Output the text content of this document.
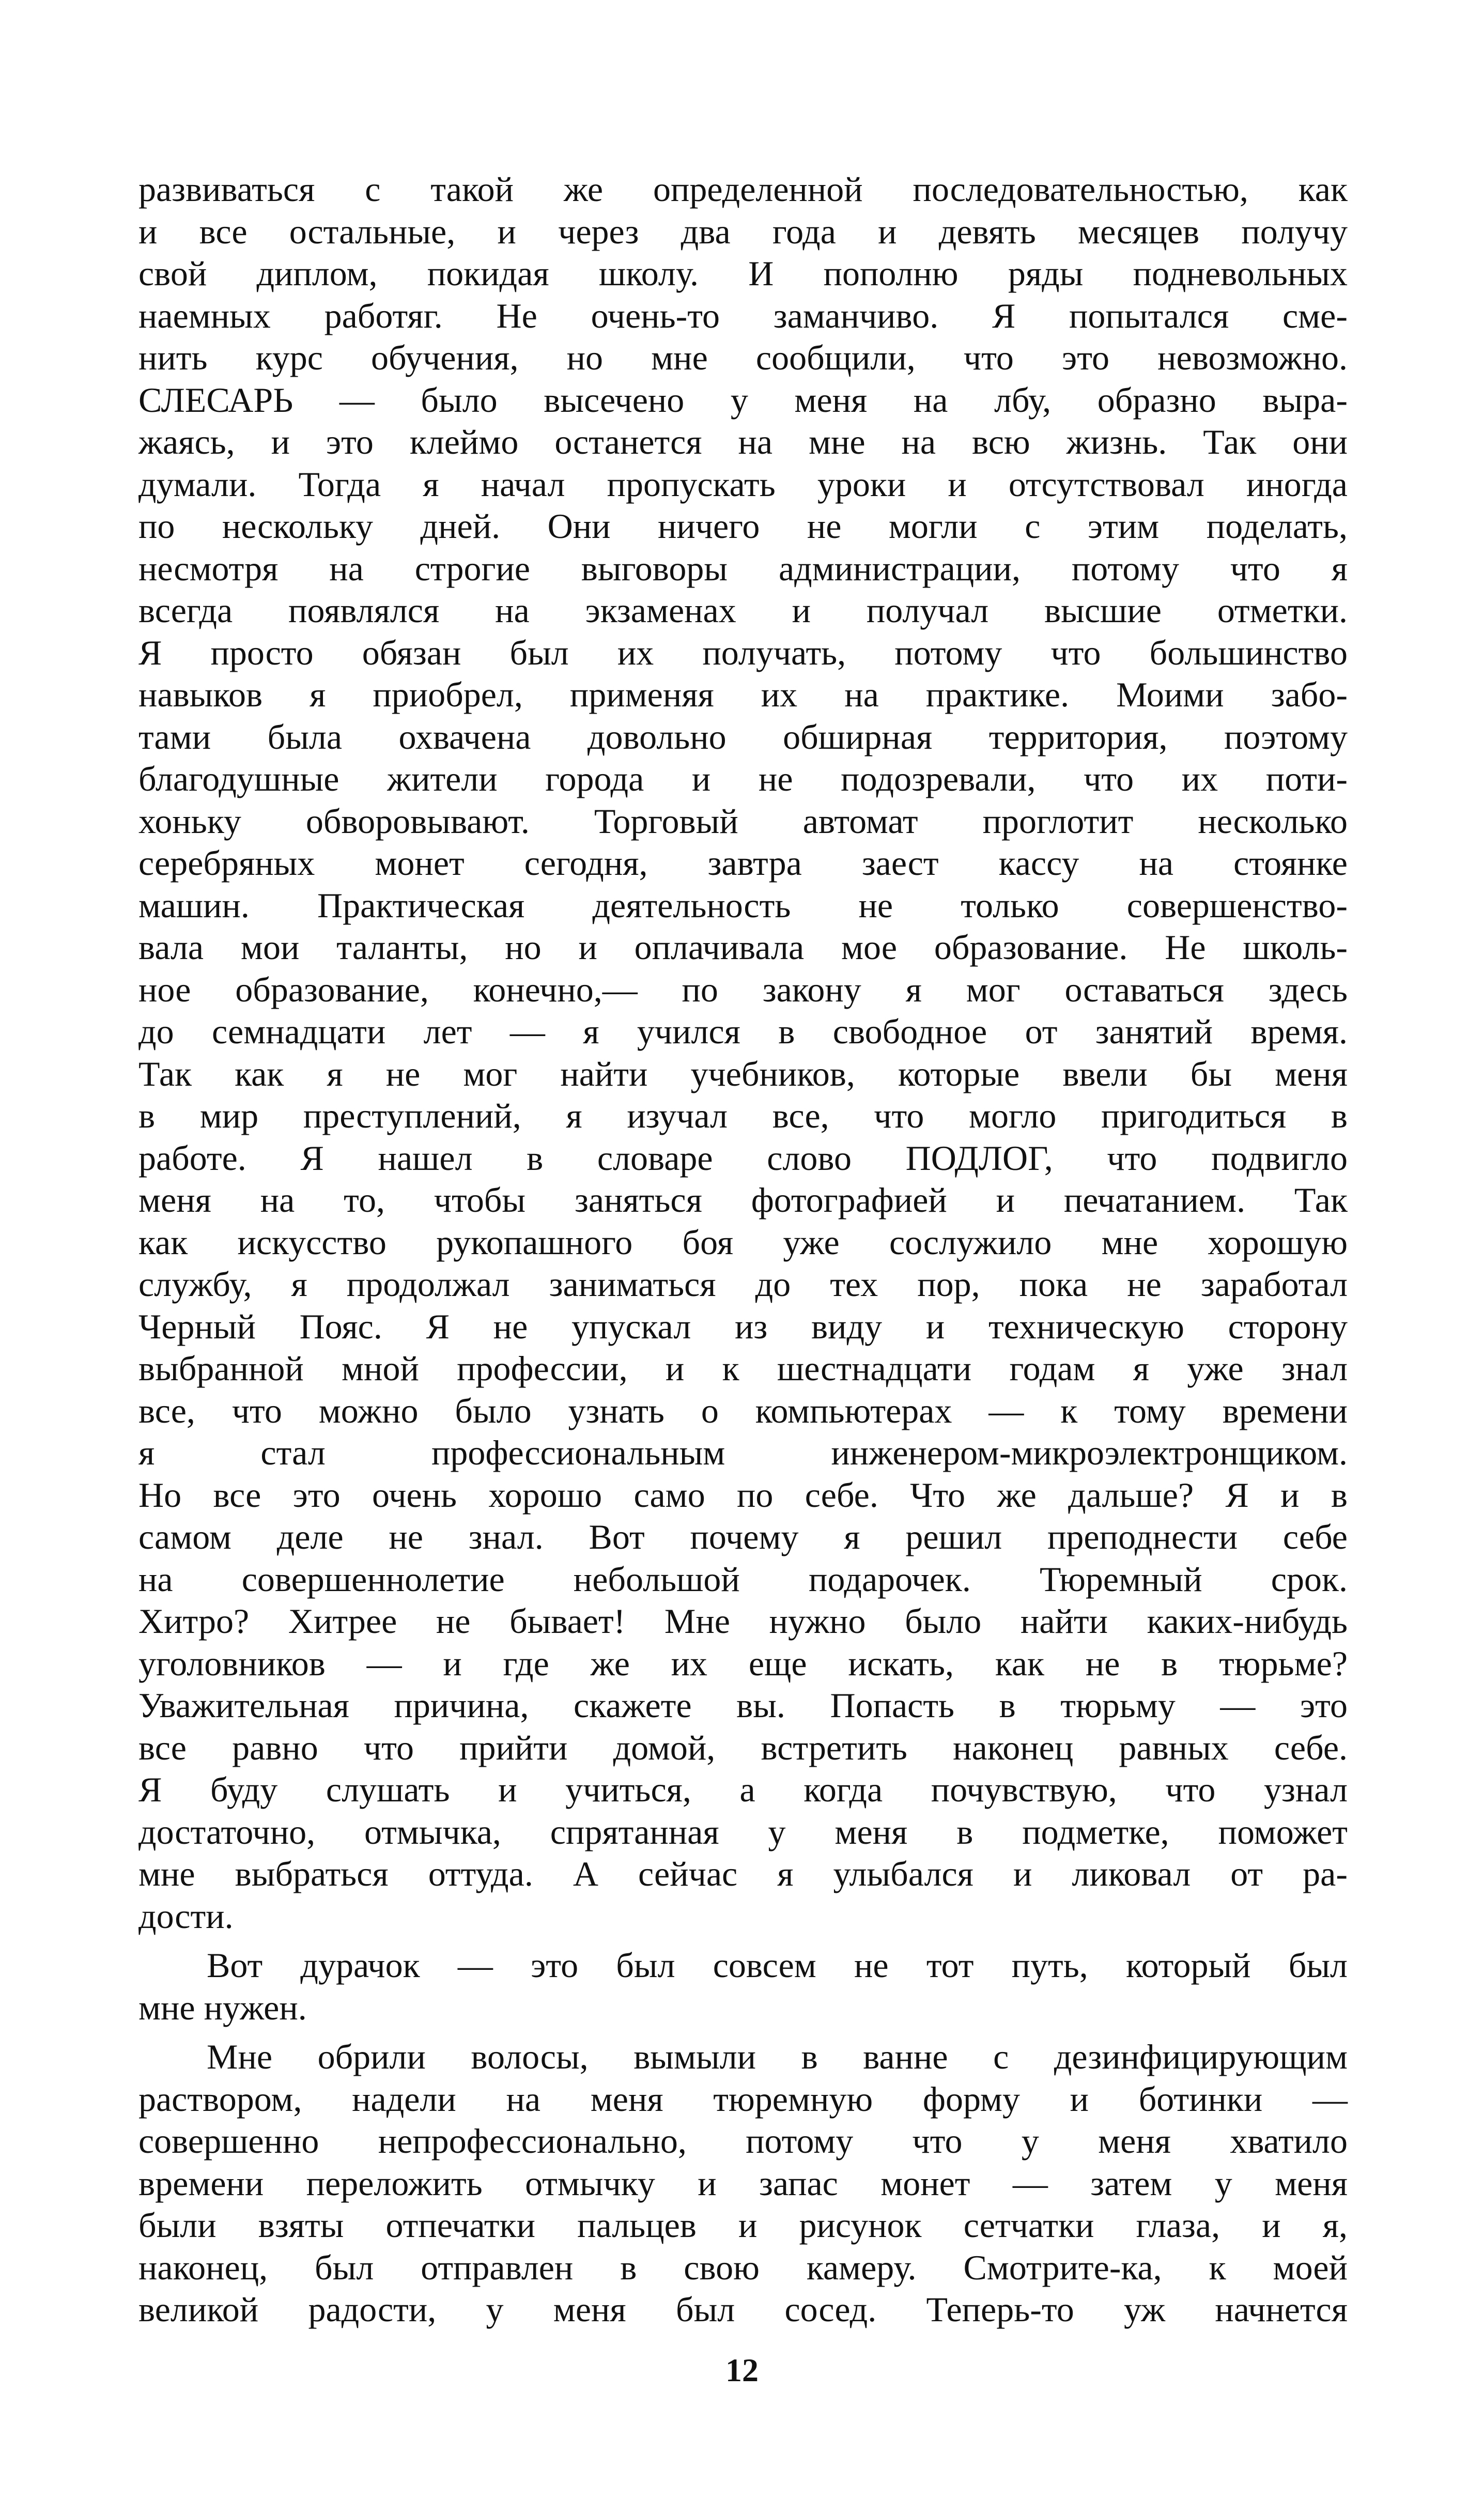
развиваться с такой же определенной последовательностью, как
и все остальные, и через два года и девять месяцев получу
свой диплом, покидая школу. И пополню ряды подневольных
наемных работяг. Не очень-то заманчиво. Я попытался сме-
нить курс обучения, но мне сообщили, что это невозможно.
СЛЕСАРЬ — было высечено у меня на лбу, образно выра-
жаясь, и это клеймо останется на мне на всю жизнь. Так они
думали. Тогда я начал пропускать уроки и отсутствовал иногда
по нескольку дней. Они ничего не могли с этим поделать,
несмотря на строгие выговоры администрации, потому что я
всегда появлялся на экзаменах и получал высшие отметки.
Я просто обязан был их получать, потому что большинство
навыков я приобрел, применяя их на практике. Моими забо-
тами была охвачена довольно обширная территория, поэтому
благодушные жители города и не подозревали, что их поти-
хоньку обворовывают. Торговый автомат проглотит несколько
серебряных монет сегодня, завтра заест кассу на стоянке
машин. Практическая деятельность не только совершенство-
вала мои таланты, но и оплачивала мое образование. Не школь-
ное образование, конечно,— по закону я мог оставаться здесь
до семнадцати лет — я учился в свободное от занятий время.
Так как я не мог найти учебников, которые ввели бы меня
в мир преступлений, я изучал все, что могло пригодиться в
работе. Я нашел в словаре слово ПОДЛОГ, что подвигло
меня на то, чтобы заняться фотографией и печатанием. Так
как искусство рукопашного боя уже сослужило мне хорошую
службу, я продолжал заниматься до тех пор, пока не заработал
Черный Пояс. Я не упускал из виду и техническую сторону
выбранной мной профессии, и к шестнадцати годам я уже знал
все, что можно было узнать о компьютерах — к тому времени
я стал профессиональным инженером-микроэлектронщиком.
Но все это очень хорошо само по себе. Что же дальше? Я и в
самом деле не знал. Вот почему я решил преподнести себе
на совершеннолетие небольшой подарочек. Тюремный срок.
Хитро? Хитрее не бывает! Мне нужно было найти каких-нибудь
уголовников — и где же их еще искать, как не в тюрьме?
Уважительная причина, скажете вы. Попасть в тюрьму — это
все равно что прийти домой, встретить наконец равных себе.
Я буду слушать и учиться, а когда почувствую, что узнал
достаточно, отмычка, спрятанная у меня в подметке, поможет
мне выбраться оттуда. А сейчас я улыбался и ликовал от ра-
дости.
Вот дурачок — это был совсем не тот путь, который был
мне нужен.
Мне обрили волосы, вымыли в ванне с дезинфицирующим
раствором, надели на меня тюремную форму и ботинки —
совершенно непрофессионально, потому что у меня хватило
времени переложить отмычку и запас монет — затем у меня
были взяты отпечатки пальцев и рисунок сетчатки глаза, и я,
наконец, был отправлен в свою камеру. Смотрите-ка, к моей
великой радости, у меня был сосед. Теперь-то уж начнется
12
